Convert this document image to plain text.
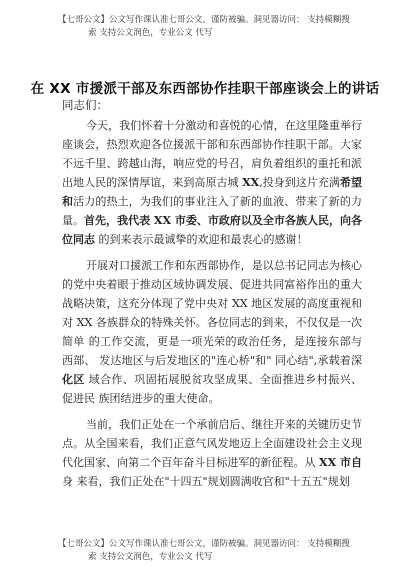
【七哥公文】公文写作课认准七哥公文，谨防被骗。洞见器访问： 支持模糊搜
索 支持公文润色，专业公文 代写
在 XX 市援派干部及东西部协作挂职干部座谈会上的讲话
同志们：

今天，我们怀着十分激动和喜悦的心情，在这里隆重举行座谈会，热烈欢迎各位援派干部和东西部协作挂职干部。大家不远千里、跨越山海，响应党的号召，肩负着组织的重托和派出地人民的深情厚谊，来到高原古城 XX,投身到这片充满希望和活力的热土，为我们的事业注入了新的血液、带来了新的力量。首先，我代表 XX 市委、市政府以及全市各族人民，向各位同志 的到来表示最诚挚的欢迎和最衷心的感谢！

开展对口援派工作和东西部协作，是以总书记同志为核心的党中央着眼于推动区域协调发展、促进共同富裕作出的重大战略决策，这充分体现了党中央对 XX 地区发展的高度重视和对 XX 各族群众的特殊关怀。各位同志的到来，不仅仅是一次简单 的工作交流，更是一项光荣的政治任务，是连接东部与西部、 发达地区与后发地区的"连心桥"和" 同心结",承载着深化区 域合作、巩固拓展脱贫攻坚成果、全面推进乡村振兴、促进民 族团结进步的重大使命。

当前，我们正处在一个承前启后、继往开来的关键历史节点。从全国来看，我们正意气风发地迈上全面建设社会主义现代化国家、向第二个百年奋斗目标进军的新征程。从 XX 市自 身 来看，我们正处在"十四五"规划圆满收官和"十五五"规划

【七哥公文】公文写作课认准七哥公文，谨防被骗。洞见器访问： 支持模糊搜
索 支持公文润色，专业公文 代写
